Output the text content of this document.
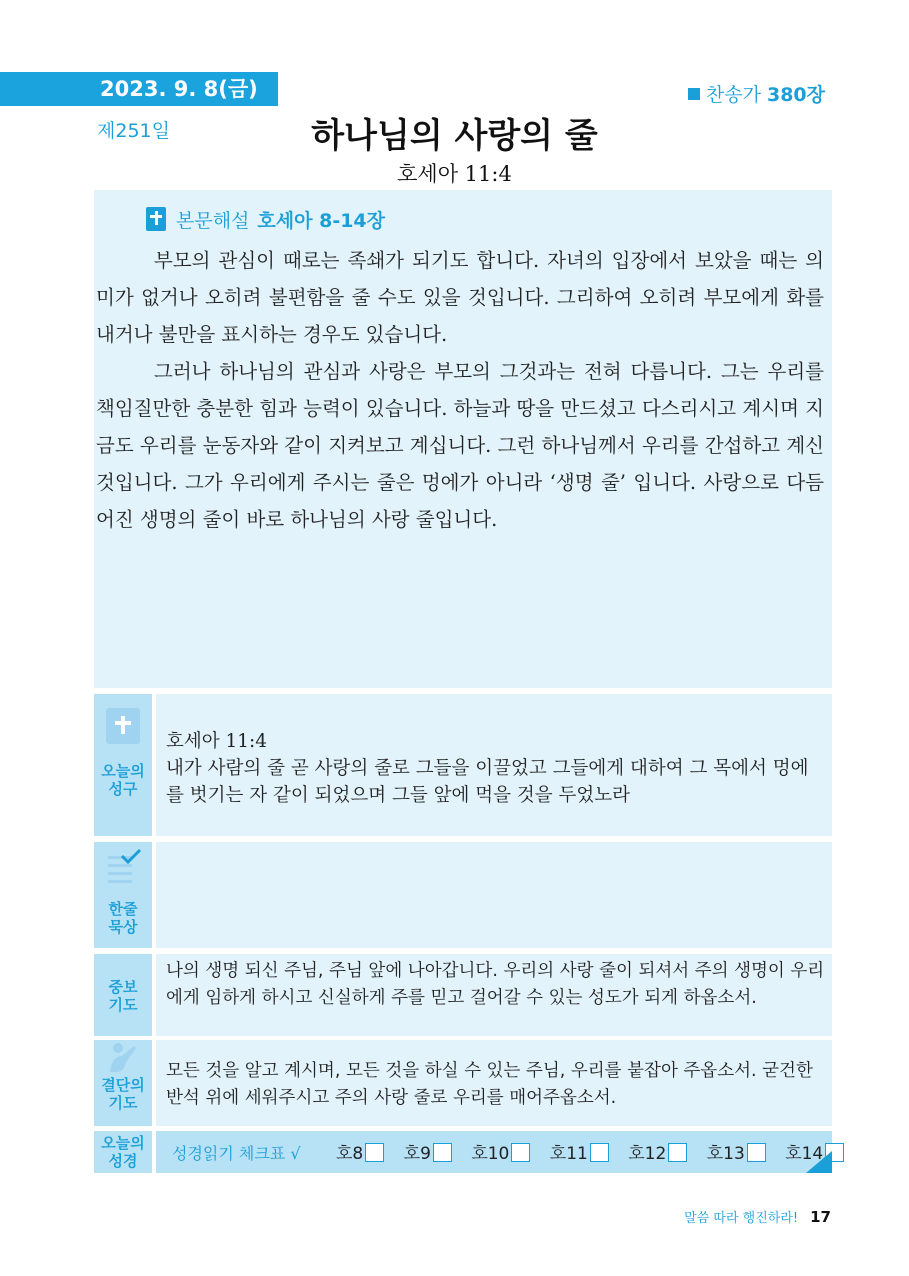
2023. 9. 8(금)
제251일
찬송가 380장
하나님의 사랑의 줄
호세아 11:4
본문해설 호세아 8-14장

부모의 관심이 때로는 족쇄가 되기도 합니다. 자녀의 입장에서 보았을 때는 의미가 없거나 오히려 불편함을 줄 수도 있을 것입니다. 그리하여 오히려 부모에게 화를 내거나 불만을 표시하는 경우도 있습니다.

그러나 하나님의 관심과 사랑은 부모의 그것과는 전혀 다릅니다. 그는 우리를 책임질만한 충분한 힘과 능력이 있습니다. 하늘과 땅을 만드셨고 다스리시고 계시며 지금도 우리를 눈동자와 같이 지켜보고 계십니다. 그런 하나님께서 우리를 간섭하고 계신 것입니다. 그가 우리에게 주시는 줄은 멍에가 아니라 ‘생명 줄’ 입니다. 사랑으로 다듬어진 생명의 줄이 바로 하나님의 사랑 줄입니다.

오늘의
성구
호세아 11:4
내가 사람의 줄 곧 사랑의 줄로 그들을 이끌었고 그들에게 대하여 그 목에서 멍에를 벗기는 자 같이 되었으며 그들 앞에 먹을 것을 두었노라
한줄
묵상
중보
기도
나의 생명 되신 주님, 주님 앞에 나아갑니다. 우리의 사랑 줄이 되셔서 주의 생명이 우리에게 임하게 하시고 신실하게 주를 믿고 걸어갈 수 있는 성도가 되게 하옵소서.
결단의
기도
모든 것을 알고 계시며, 모든 것을 하실 수 있는 주님, 우리를 붙잡아 주옵소서. 굳건한 반석 위에 세워주시고 주의 사랑 줄로 우리를 매어주옵소서.
오늘의
성경	성경읽기 체크표 √ 호8 호9 호10 호11 호12 호13 호14
말씀 따라 행진하라! 17
